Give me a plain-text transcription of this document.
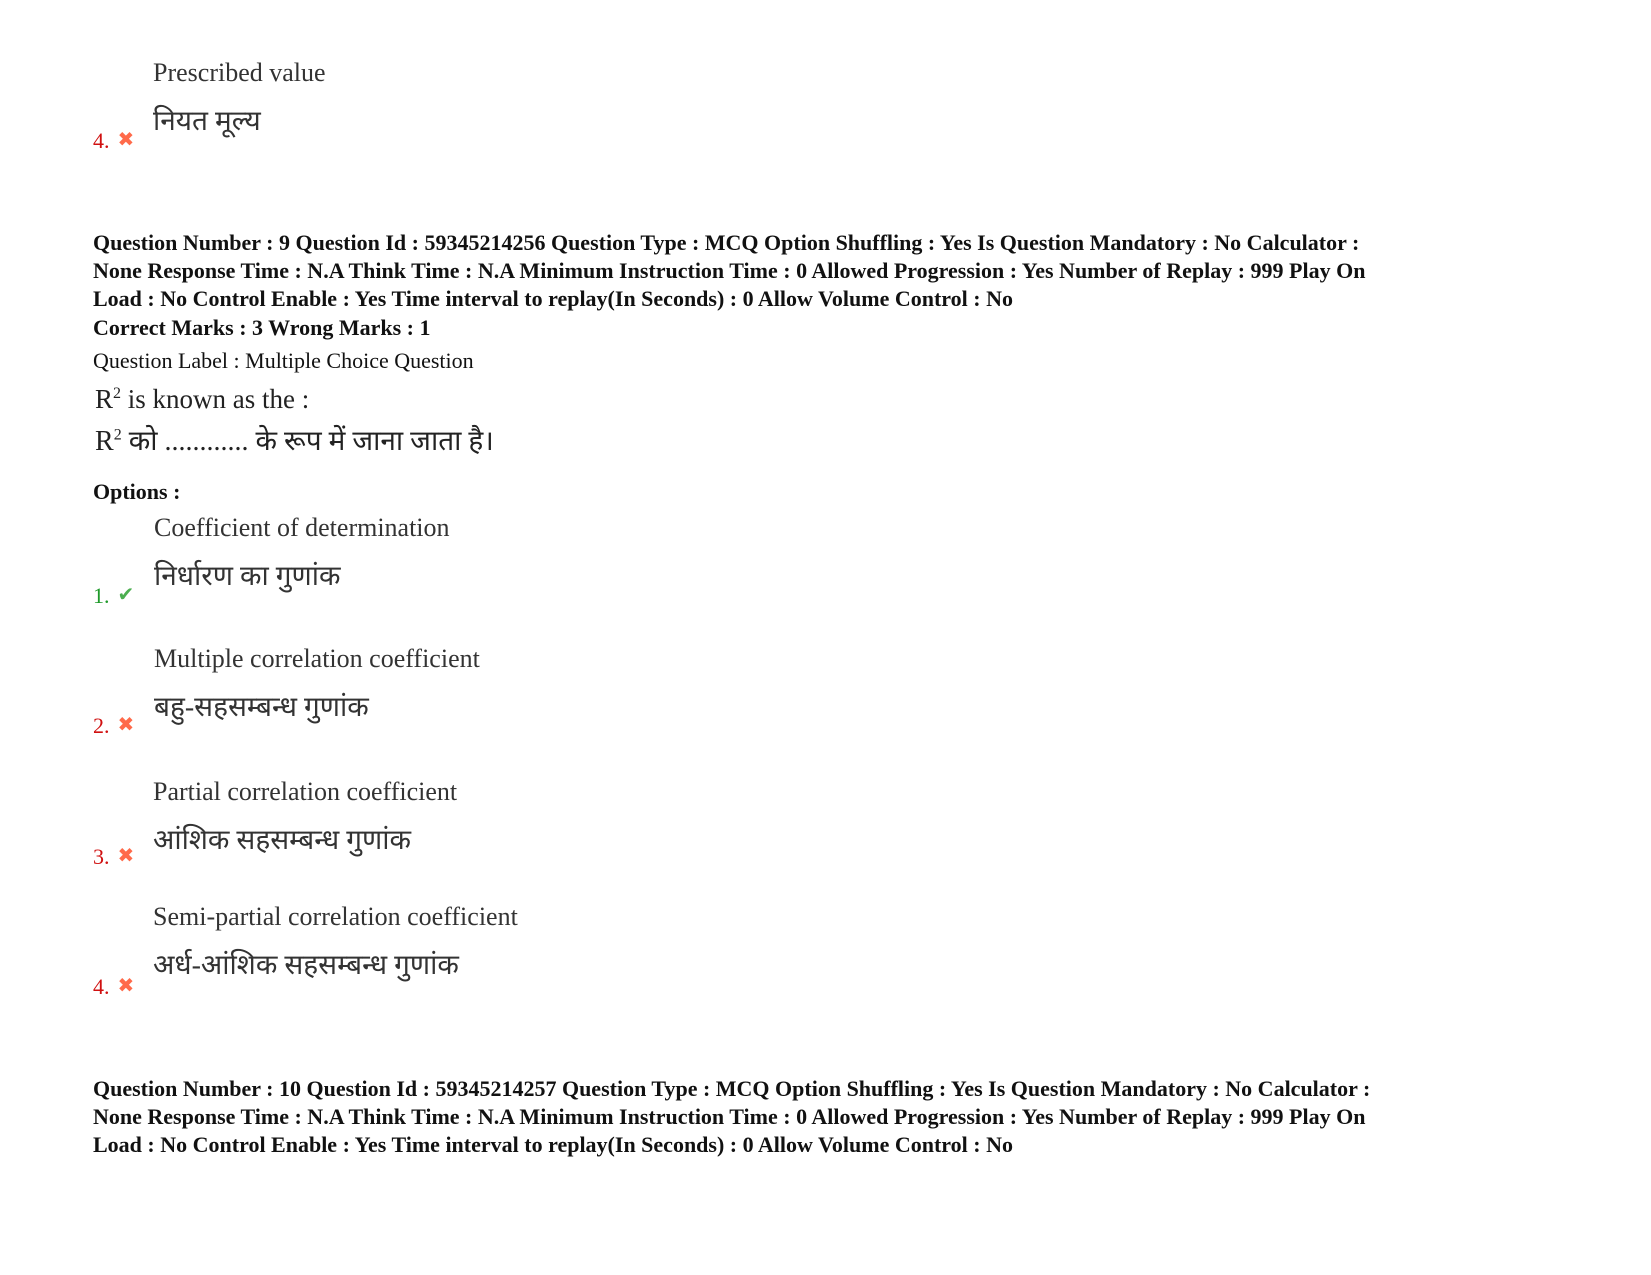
Prescribed value
नियत मूल्य
4. ✖
Question Number : 9 Question Id : 59345214256 Question Type : MCQ Option Shuffling : Yes Is Question Mandatory : No Calculator :
None Response Time : N.A Think Time : N.A Minimum Instruction Time : 0 Allowed Progression : Yes Number of Replay : 999 Play On
Load : No Control Enable : Yes Time interval to replay(In Seconds) : 0 Allow Volume Control : No
Correct Marks : 3 Wrong Marks : 1
Question Label : Multiple Choice Question
$R^2$ is known as the :
$R^2$ को ............ के रूप में जाना जाता है।
Options :
Coefficient of determination
निर्धारण का गुणांक
1. ✔
Multiple correlation coefficient
बहु-सहसम्बन्ध गुणांक
2. ✖
Partial correlation coefficient
आंशिक सहसम्बन्ध गुणांक
3. ✖
Semi-partial correlation coefficient
अर्ध-आंशिक सहसम्बन्ध गुणांक
4. ✖
Question Number : 10 Question Id : 59345214257 Question Type : MCQ Option Shuffling : Yes Is Question Mandatory : No Calculator :
None Response Time : N.A Think Time : N.A Minimum Instruction Time : 0 Allowed Progression : Yes Number of Replay : 999 Play On
Load : No Control Enable : Yes Time interval to replay(In Seconds) : 0 Allow Volume Control : No
